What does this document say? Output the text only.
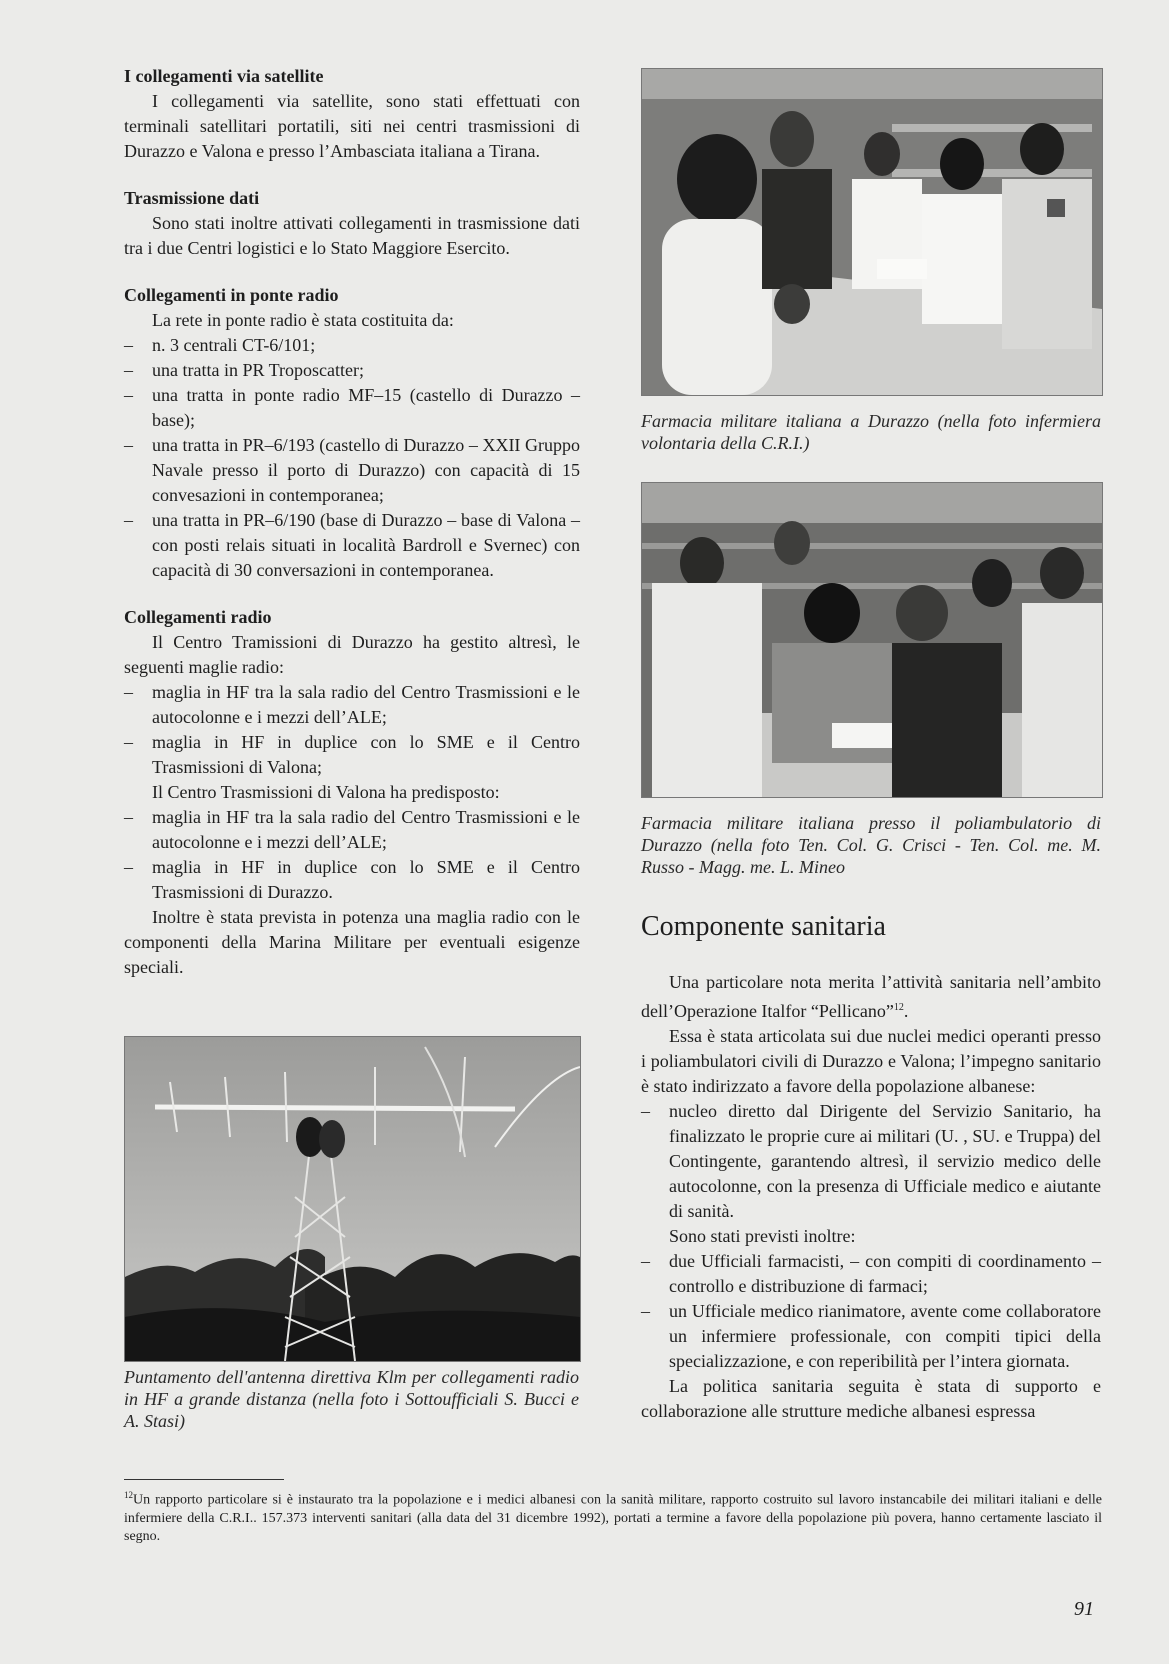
I collegamenti via satellite

I collegamenti via satellite, sono stati effettuati con terminali satellitari portatili, siti nei centri trasmissioni di Durazzo e Valona e presso l’Ambasciata italiana a Tirana.

Trasmissione dati

Sono stati inoltre attivati collegamenti in trasmissione dati tra i due Centri logistici e lo Stato Maggiore Esercito.

Collegamenti in ponte radio

La rete in ponte radio è stata costituita da:

– n. 3 centrali CT-6/101;
– una tratta in PR Troposcatter;
– una tratta in ponte radio MF–15 (castello di Durazzo – base);
– una tratta in PR–6/193 (castello di Durazzo – XXII Gruppo Navale presso il porto di Durazzo) con capacità di 15 convesazioni in contemporanea;
– una tratta in PR–6/190 (base di Durazzo – base di Valona – con posti relais situati in località Bardroll e Svernec) con capacità di 30 conversazioni in contemporanea.
Collegamenti radio

Il Centro Tramissioni di Durazzo ha gestito altresì, le seguenti maglie radio:

– maglia in HF tra la sala radio del Centro Trasmissioni e le autocolonne e i mezzi dell’ALE;
– maglia in HF in duplice con lo SME e il Centro Trasmissioni di Valona;

Il Centro Trasmissioni di Valona ha predisposto:

– maglia in HF tra la sala radio del Centro Trasmissioni e le autocolonne e i mezzi dell’ALE;
– maglia in HF in duplice con lo SME e il Centro Trasmissioni di Durazzo.

Inoltre è stata prevista in potenza una maglia radio con le componenti della Marina Militare per eventuali esigenze speciali.

Puntamento dell'antenna direttiva Klm per collegamenti radio in HF a grande distanza (nella foto i Sottoufficiali S. Bucci e A. Stasi)

Farmacia militare italiana a Durazzo (nella foto infermiera volontaria della C.R.I.)

Farmacia militare italiana presso il poliambulatorio di Durazzo (nella foto Ten. Col. G. Crisci - Ten. Col. me. M. Russo - Magg. me. L. Mineo

Componente sanitaria

Una particolare nota merita l’attività sanitaria nell’ambito dell’Operazione Italfor “Pellicano”$^{12}$.

Essa è stata articolata sui due nuclei medici operanti presso i poliambulatori civili di Durazzo e Valona; l’impegno sanitario è stato indirizzato a favore della popolazione albanese:

– nucleo diretto dal Dirigente del Servizio Sanitario, ha finalizzato le proprie cure ai militari (U. , SU. e Truppa) del Contingente, garantendo altresì, il servizio medico delle autocolonne, con la presenza di Ufficiale medico e aiutante di sanità.

Sono stati previsti inoltre:

– due Ufficiali farmacisti, – con compiti di coordinamento – controllo e distribuzione di farmaci;
– un Ufficiale medico rianimatore, avente come collaboratore un infermiere professionale, con compiti tipici della specializzazione, e con reperibilità per l’intera giornata.

La politica sanitaria seguita è stata di supporto e collaborazione alle strutture mediche albanesi espressa

$^{12}$Un rapporto particolare si è instaurato tra la popolazione e i medici albanesi con la sanità militare, rapporto costruito sul lavoro instancabile dei militari italiani e delle infermiere della C.R.I.. 157.373 interventi sanitari (alla data del 31 dicembre 1992), portati a termine a favore della popolazione più povera, hanno certamente lasciato il segno.

91
